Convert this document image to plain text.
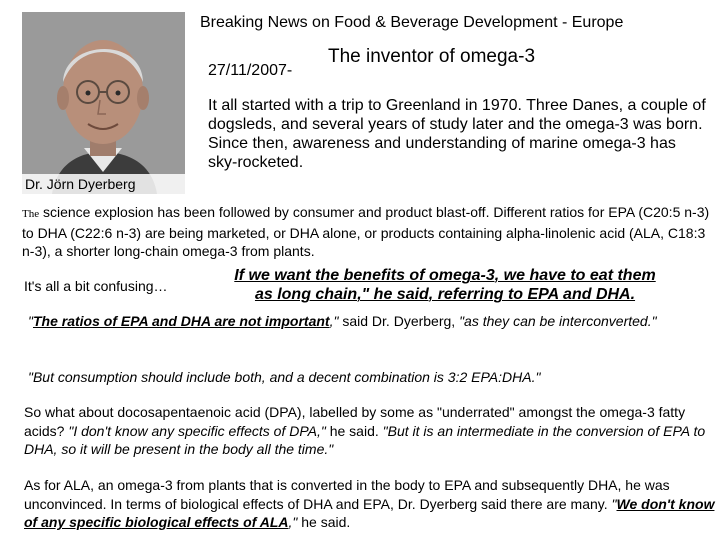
Breaking News on Food & Beverage Development - Europe
27/11/2007-
The inventor of omega-3
Dr. Jörn Dyerberg
It all started with a trip to Greenland in 1970. Three Danes, a couple of dogsleds, and several years of study later and the omega-3 was born. Since then, awareness and understanding of marine omega-3 has sky-rocketed.
The science explosion has been followed by consumer and product blast-off. Different ratios for EPA (C20:5 n-3) to DHA (C22:6 n-3) are being marketed, or DHA alone, or products containing alpha-linolenic acid (ALA, C18:3 n-3), a shorter long-chain omega-3 from plants.
It's all a bit confusing…
If we want the benefits of omega-3, we have to eat them
as long chain," he said, referring to EPA and DHA.
"The ratios of EPA and DHA are not important," said Dr. Dyerberg, "as they can be interconverted."
"But consumption should include both, and a decent combination is 3:2 EPA:DHA."
So what about docosapentaenoic acid (DPA), labelled by some as "underrated" amongst the omega-3 fatty acids? "I don't know any specific effects of DPA," he said. "But it is an intermediate in the conversion of EPA to DHA, so it will be present in the body all the time."
As for ALA, an omega-3 from plants that is converted in the body to EPA and subsequently DHA, he was unconvinced. In terms of biological effects of DHA and EPA, Dr. Dyerberg said there are many. "We don't know of any specific biological effects of ALA," he said.
